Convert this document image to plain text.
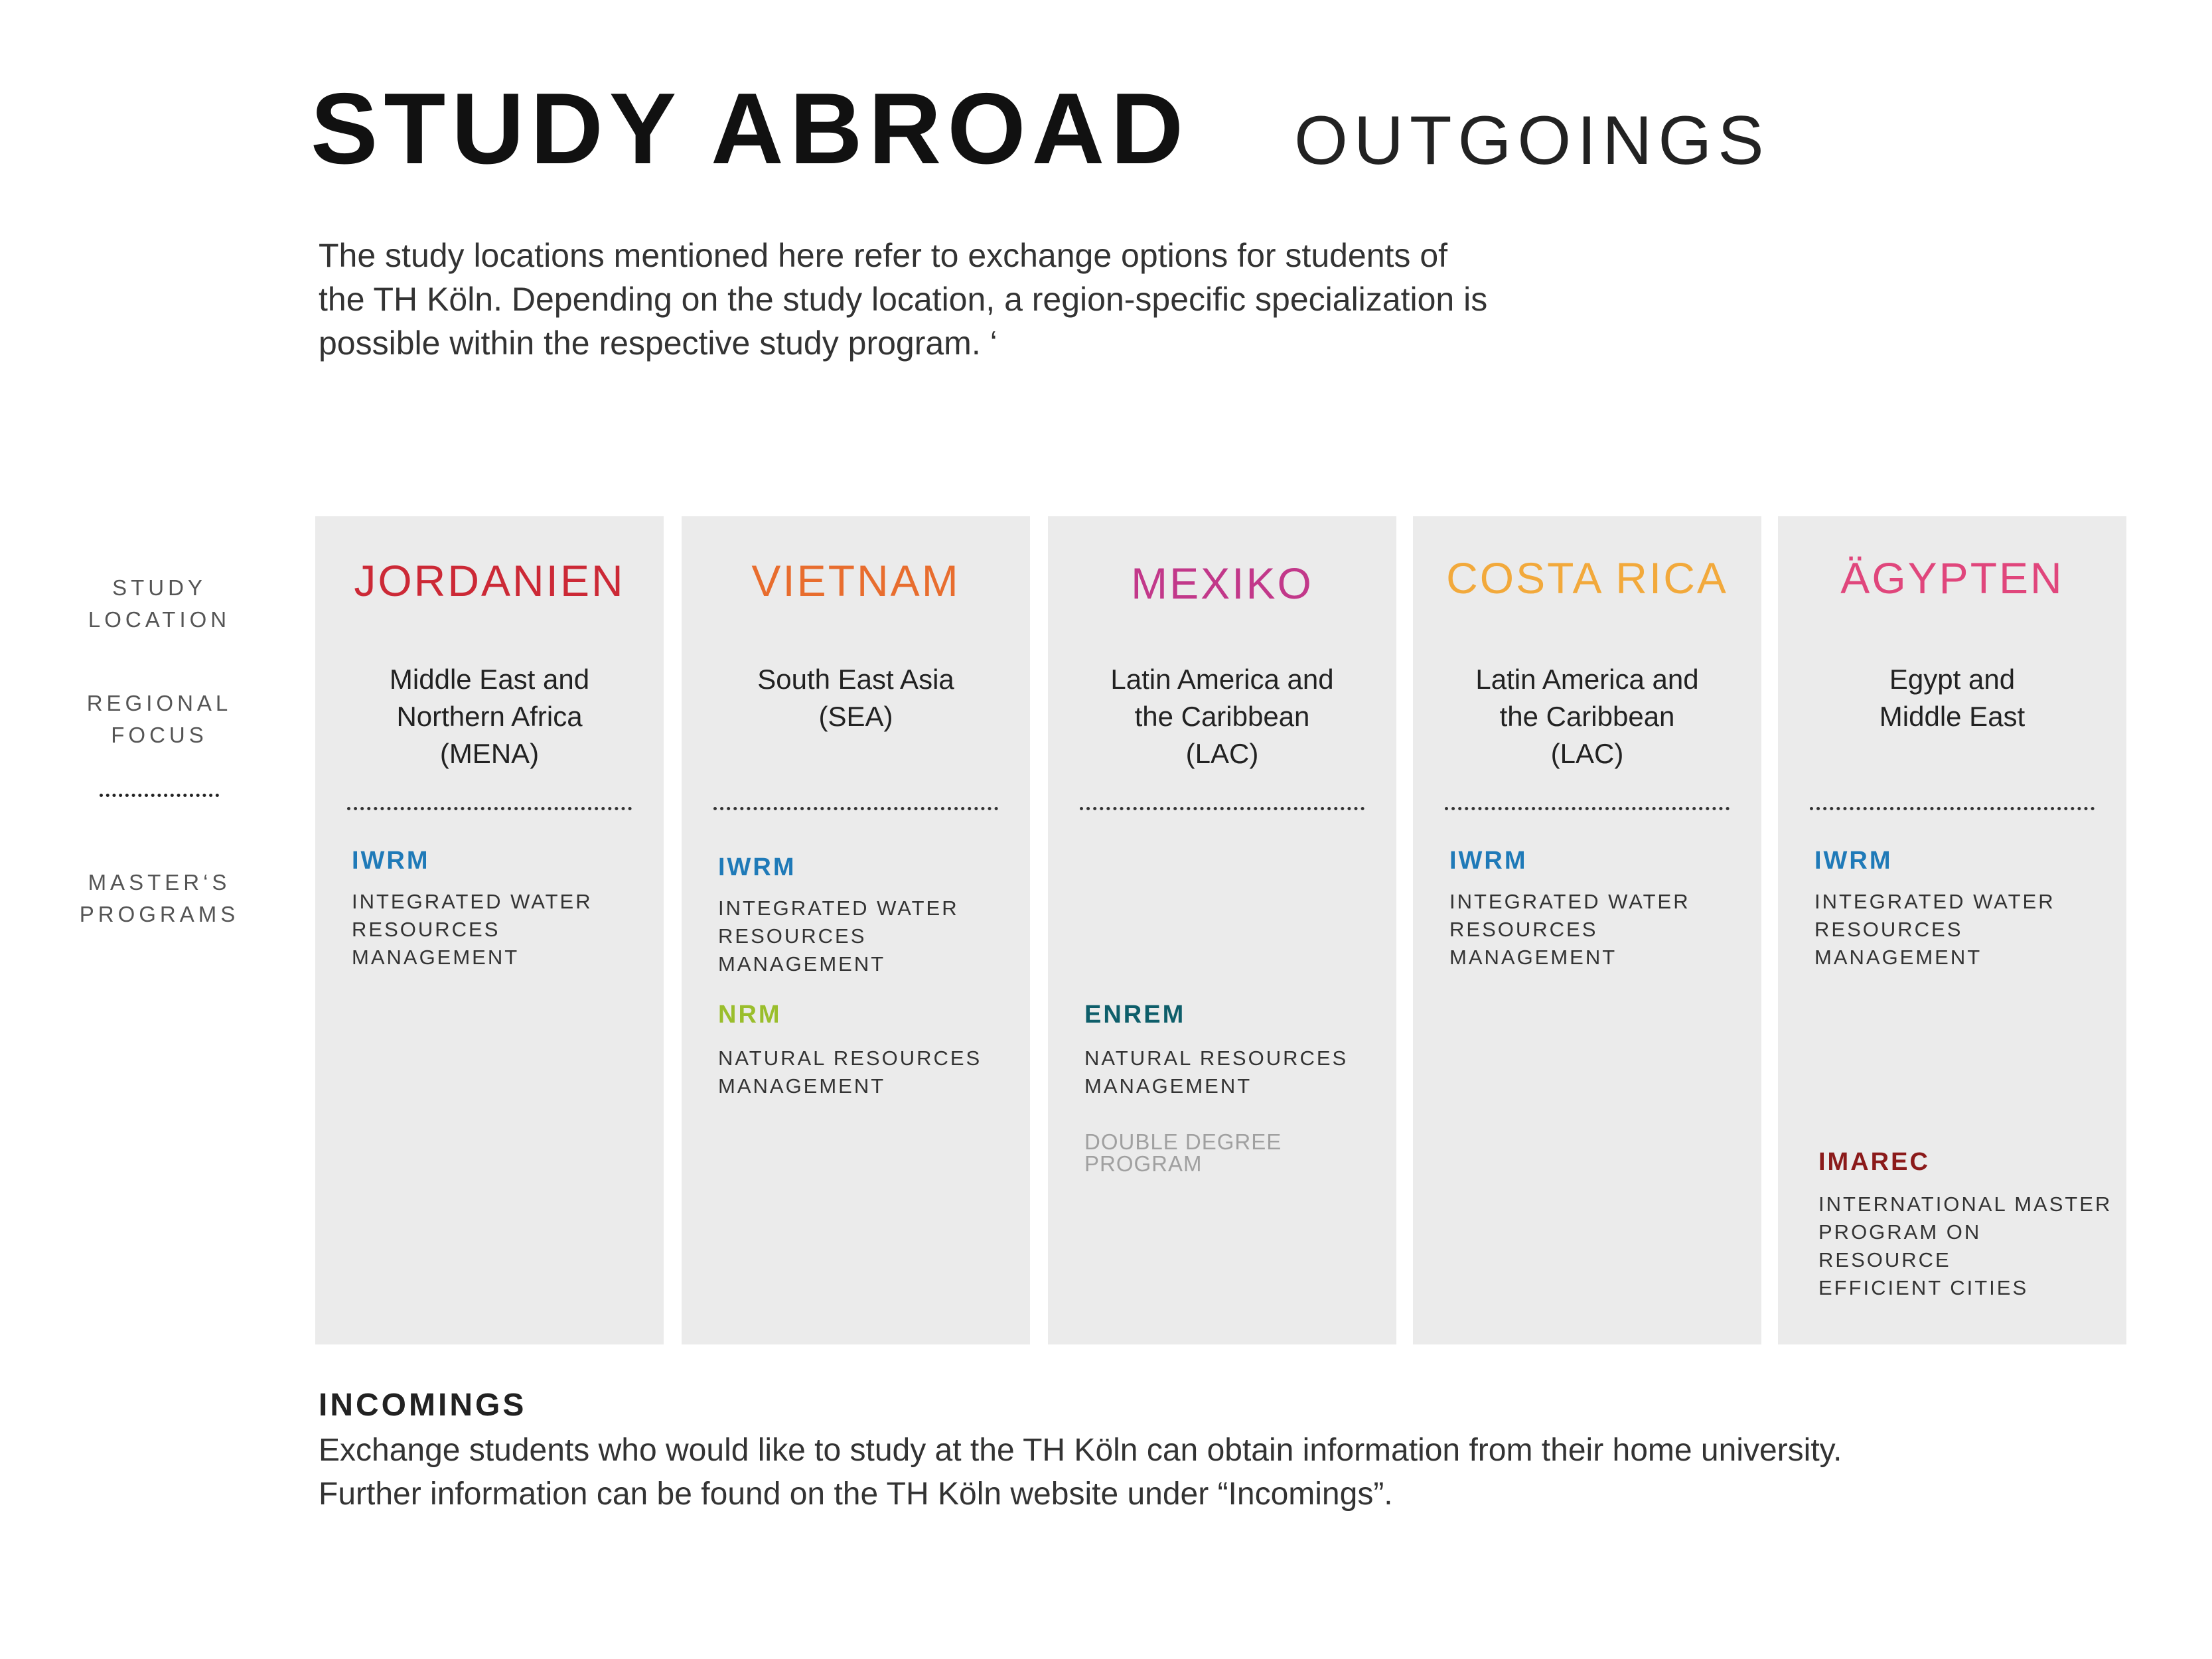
STUDY ABROAD OUTGOINGS
The study locations mentioned here refer to exchange options for students of
the TH Köln. Depending on the study location, a region-specific specialization is
possible within the respective study program. ‘
STUDY LOCATION
REGIONAL
FOCUS
MASTER‘S
PROGRAMS
JORDANIEN
Middle East and
Northern Africa
(MENA)
IWRM
INTEGRATED WATER
RESOURCES MANAGEMENT
VIETNAM
South East Asia
(SEA)
IWRM
INTEGRATED WATER
RESOURCES MANAGEMENT
NRM
NATURAL RESOURCES
MANAGEMENT
MEXIKO
Latin America and
the Caribbean
(LAC)
ENREM
NATURAL RESOURCES
MANAGEMENT
DOUBLE DEGREE PROGRAM
COSTA RICA
Latin America and
the Caribbean
(LAC)
IWRM
INTEGRATED WATER
RESOURCES MANAGEMENT
ÄGYPTEN
Egypt and
Middle East
IWRM
INTEGRATED WATER
RESOURCES MANAGEMENT
IMAREC
INTERNATIONAL MASTER
PROGRAM ON RESOURCE
EFFICIENT CITIES
INCOMINGS
Exchange students who would like to study at the TH Köln can obtain information from their home university.
Further information can be found on the TH Köln website under “Incomings”.
